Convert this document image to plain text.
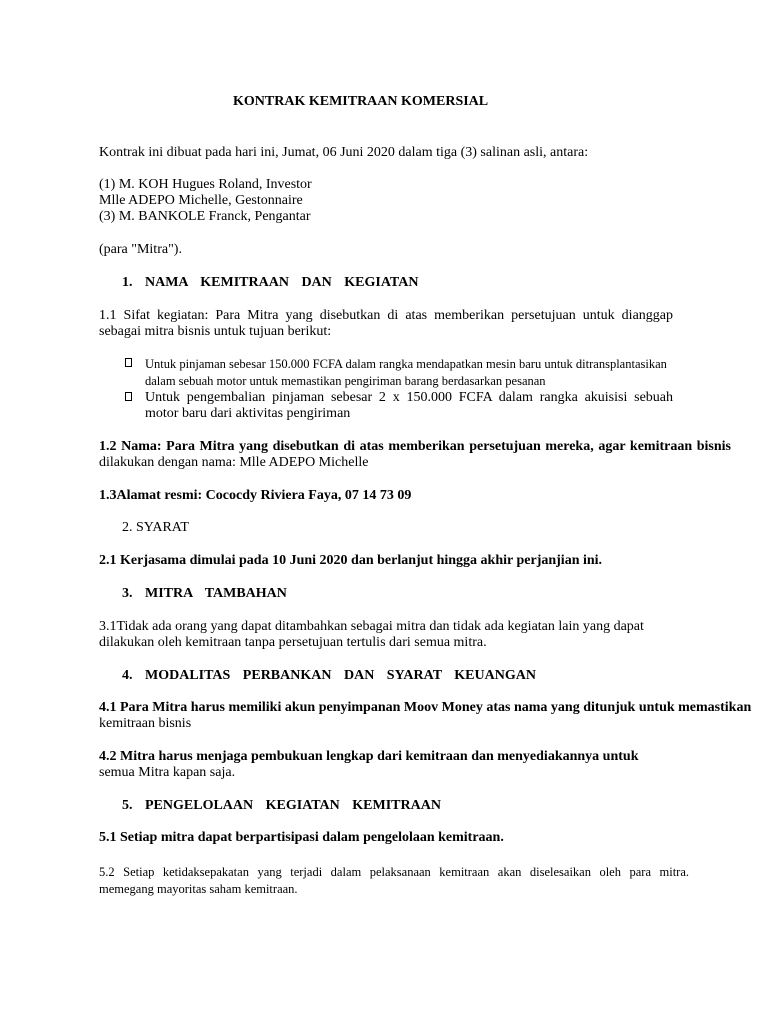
KONTRAK KEMITRAAN KOMERSIAL
Kontrak ini dibuat pada hari ini, Jumat, 06 Juni 2020 dalam tiga (3) salinan asli, antara:
(1) M. KOH Hugues Roland, Investor
Mlle ADEPO Michelle, Gestonnaire
(3) M. BANKOLE Franck, Pengantar
(para "Mitra").
1. NAMA KEMITRAAN DAN KEGIATAN
1.1 Sifat kegiatan: Para Mitra yang disebutkan di atas memberikan persetujuan untuk dianggap
sebagai mitra bisnis untuk tujuan berikut:
Untuk pinjaman sebesar 150.000 FCFA dalam rangka mendapatkan mesin baru untuk ditransplantasikan
dalam sebuah motor untuk memastikan pengiriman barang berdasarkan pesanan
Untuk pengembalian pinjaman sebesar 2 x 150.000 FCFA dalam rangka akuisisi sebuah
motor baru dari aktivitas pengiriman
1.2 Nama: Para Mitra yang disebutkan di atas memberikan persetujuan mereka, agar kemitraan bisnis
dilakukan dengan nama: Mlle ADEPO Michelle
1.3Alamat resmi: Cococdy Riviera Faya, 07 14 73 09
2. SYARAT
2.1 Kerjasama dimulai pada 10 Juni 2020 dan berlanjut hingga akhir perjanjian ini.
3. MITRA TAMBAHAN
3.1Tidak ada orang yang dapat ditambahkan sebagai mitra dan tidak ada kegiatan lain yang dapat
dilakukan oleh kemitraan tanpa persetujuan tertulis dari semua mitra.
4. MODALITAS PERBANKAN DAN SYARAT KEUANGAN
4.1 Para Mitra harus memiliki akun penyimpanan Moov Money atas nama yang ditunjuk untuk memastikan
kemitraan bisnis
4.2 Mitra harus menjaga pembukuan lengkap dari kemitraan dan menyediakannya untuk
semua Mitra kapan saja.
5. PENGELOLAAN KEGIATAN KEMITRAAN
5.1 Setiap mitra dapat berpartisipasi dalam pengelolaan kemitraan.
5.2 Setiap ketidaksepakatan yang terjadi dalam pelaksanaan kemitraan akan diselesaikan oleh para mitra.
memegang mayoritas saham kemitraan.
